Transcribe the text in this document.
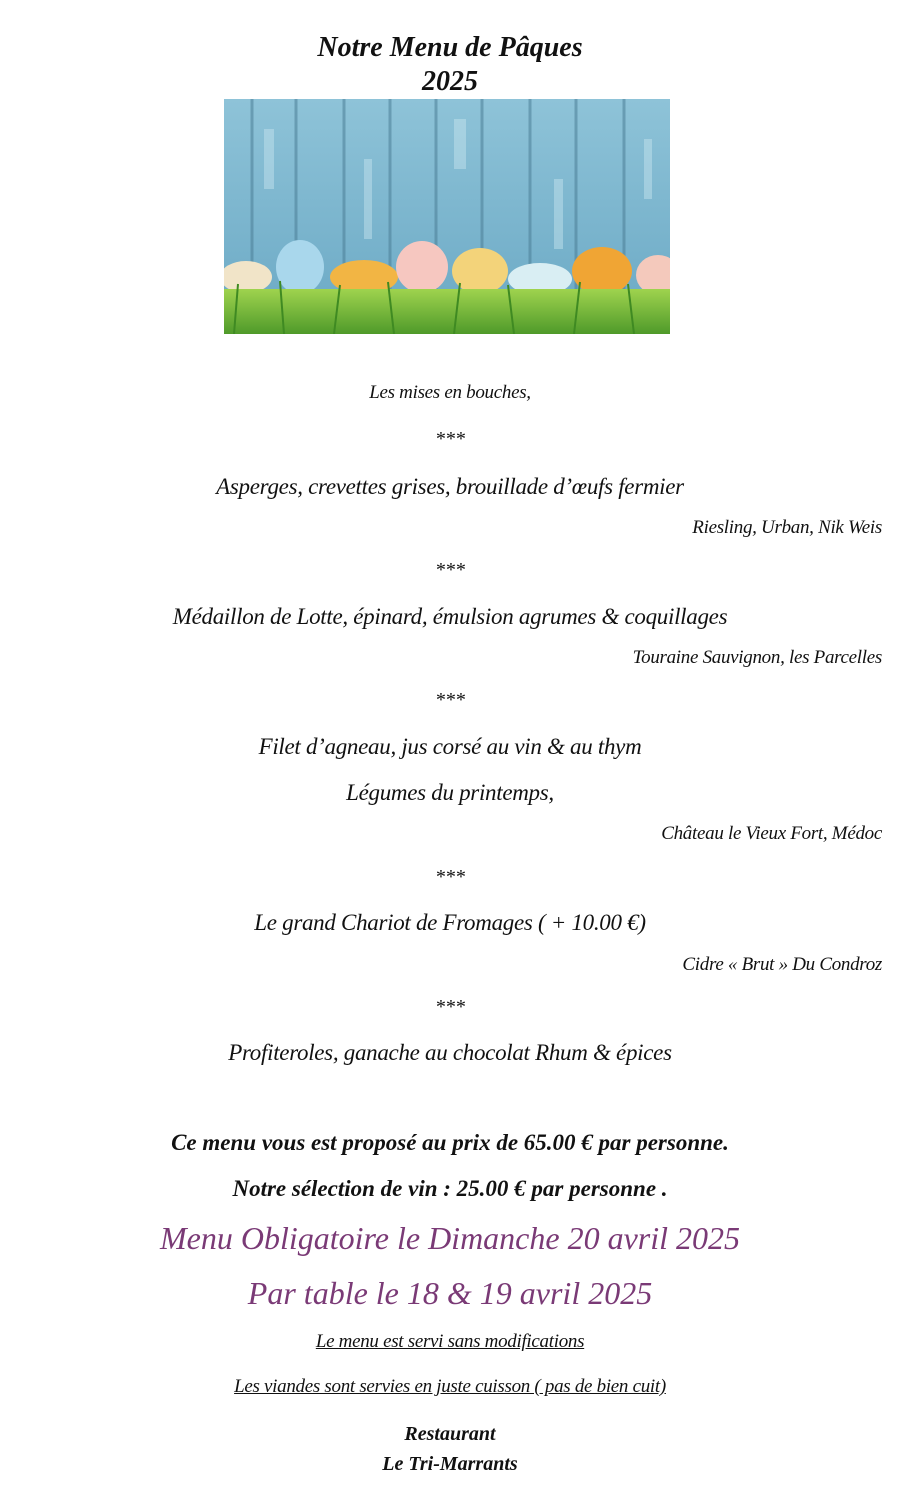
Notre Menu de Pâques
2025
Les mises en bouches,
***
Asperges, crevettes grises, brouillade d’œufs fermier
Riesling, Urban, Nik Weis
***
Médaillon de Lotte, épinard, émulsion agrumes & coquillages
Touraine Sauvignon, les Parcelles
***
Filet d’agneau, jus corsé au vin & au thym
Légumes du printemps,
Château le Vieux Fort, Médoc
***
Le grand Chariot de Fromages ( + 10.00 €)
Cidre « Brut » Du Condroz
***
Profiteroles, ganache au chocolat Rhum & épices
Ce menu vous est proposé au prix de 65.00 € par personne.
Notre sélection de vin : 25.00 € par personne .
Menu Obligatoire le Dimanche 20 avril 2025
Par table le 18 & 19 avril 2025
Le menu est servi sans modifications
Les viandes sont servies en juste cuisson ( pas de bien cuit)
Restaurant
Le Tri-Marrants
